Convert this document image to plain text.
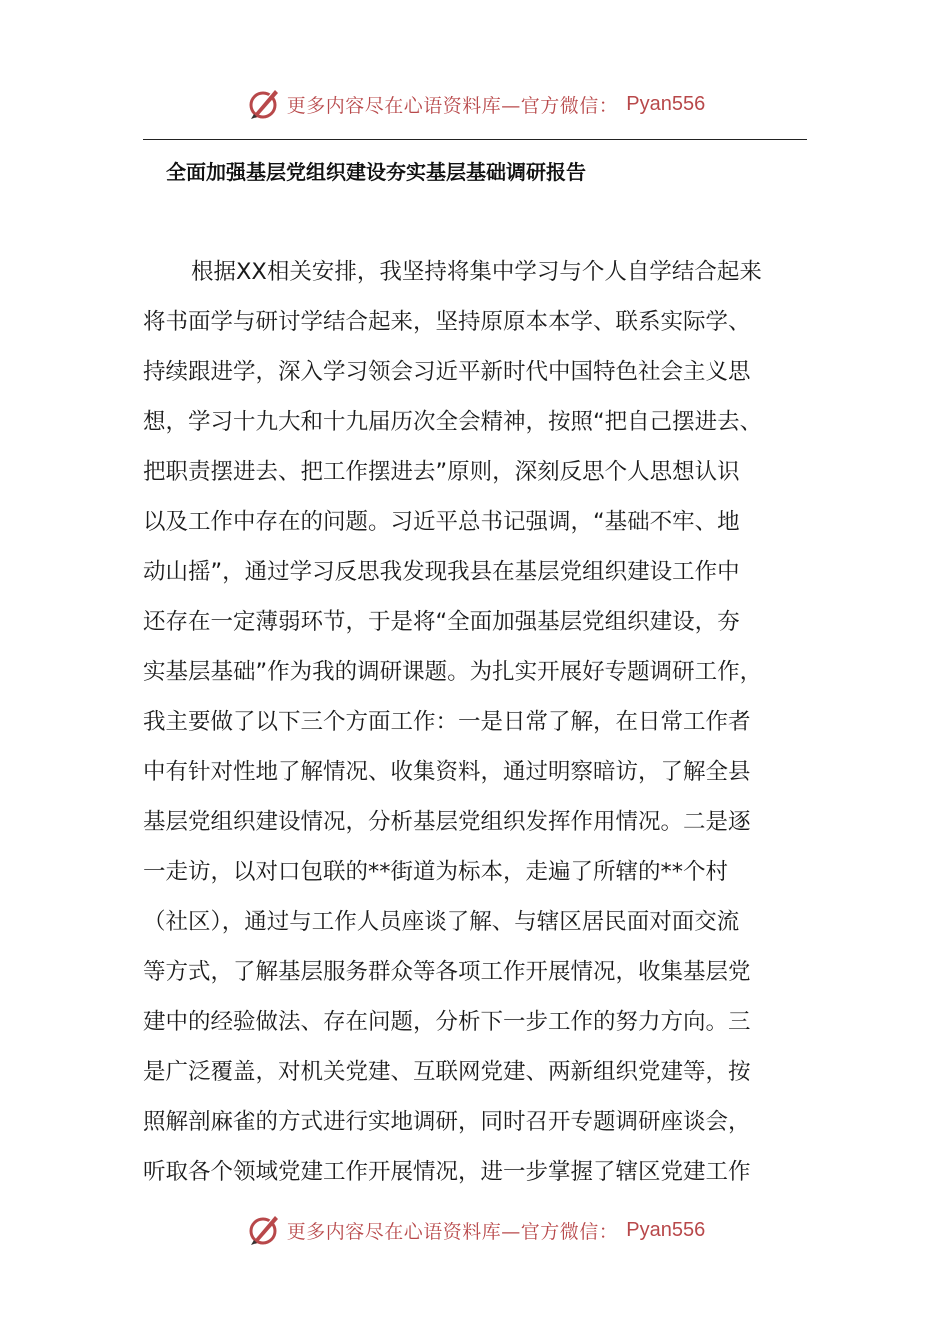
更多内容尽在心语资料库—官方微信： Pyan556
全面加强基层党组织建设夯实基层基础调研报告
根据XX相关安排，我坚持将集中学习与个人自学结合起来
将书面学与研讨学结合起来，坚持原原本本学、联系实际学、
持续跟进学，深入学习领会习近平新时代中国特色社会主义思
想，学习十九大和十九届历次全会精神，按照“把自己摆进去、
把职责摆进去、把工作摆进去”原则，深刻反思个人思想认识
以及工作中存在的问题。习近平总书记强调，“基础不牢、地
动山摇”，通过学习反思我发现我县在基层党组织建设工作中
还存在一定薄弱环节，于是将“全面加强基层党组织建设，夯
实基层基础”作为我的调研课题。为扎实开展好专题调研工作，
我主要做了以下三个方面工作：一是日常了解，在日常工作者
中有针对性地了解情况、收集资料，通过明察暗访，了解全县
基层党组织建设情况，分析基层党组织发挥作用情况。二是逐
一走访，以对口包联的**街道为标本，走遍了所辖的**个村
（社区），通过与工作人员座谈了解、与辖区居民面对面交流
等方式，了解基层服务群众等各项工作开展情况，收集基层党
建中的经验做法、存在问题，分析下一步工作的努力方向。三
是广泛覆盖，对机关党建、互联网党建、两新组织党建等，按
照解剖麻雀的方式进行实地调研，同时召开专题调研座谈会，
听取各个领域党建工作开展情况，进一步掌握了辖区党建工作
更多内容尽在心语资料库—官方微信： Pyan556
